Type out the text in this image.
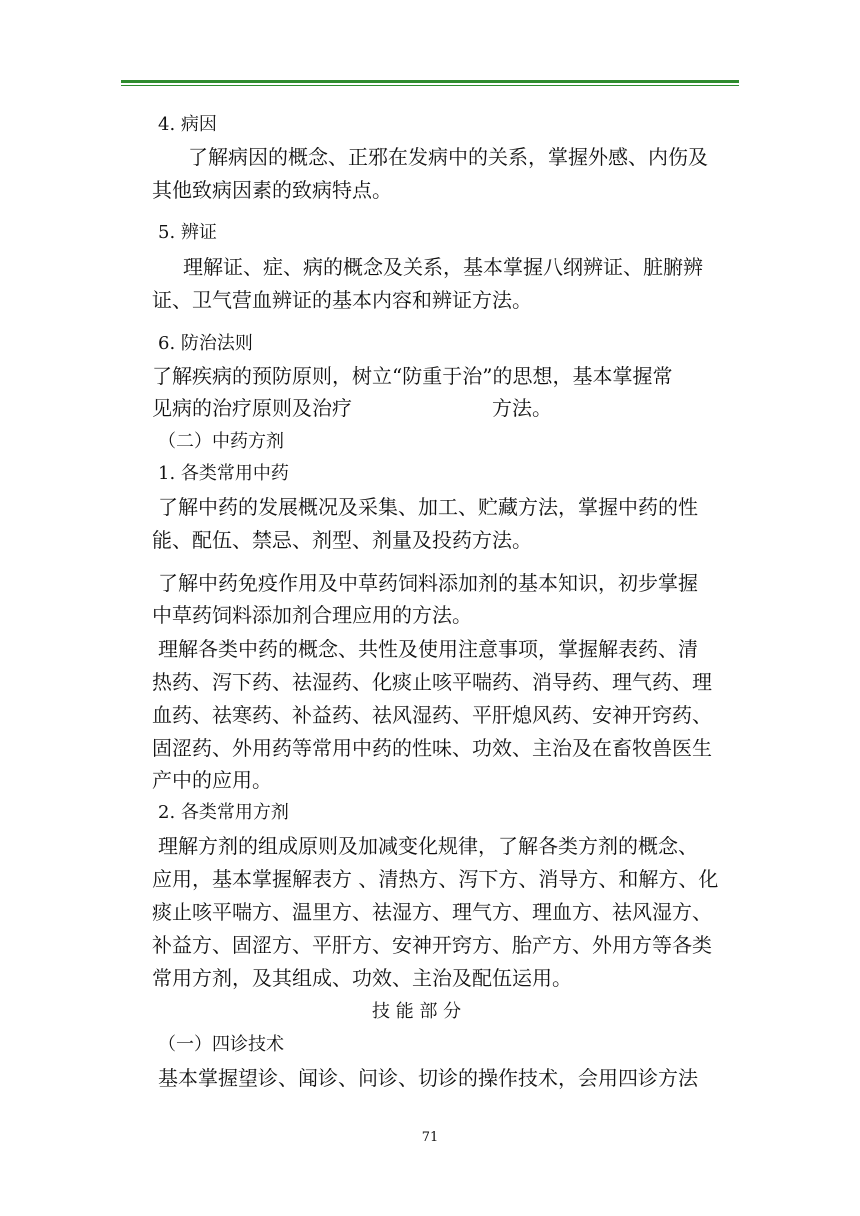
4. 病因
了解病因的概念、正邪在发病中的关系，掌握外感、内伤及
其他致病因素的致病特点。
5. 辨证
理解证、症、病的概念及关系，基本掌握八纲辨证、脏腑辨
证、卫气营血辨证的基本内容和辨证方法。
6. 防治法则
了解疾病的预防原则，树立“防重于治”的思想，基本掌握常
见病的治疗原则及治疗	方法。
（二）中药方剂
1. 各类常用中药
了解中药的发展概况及采集、加工、贮藏方法，掌握中药的性
能、配伍、禁忌、剂型、剂量及投药方法。
了解中药免疫作用及中草药饲料添加剂的基本知识，初步掌握
中草药饲料添加剂合理应用的方法。
理解各类中药的概念、共性及使用注意事项，掌握解表药、清
热药、泻下药、祛湿药、化痰止咳平喘药、消导药、理气药、理
血药、祛寒药、补益药、祛风湿药、平肝熄风药、安神开窍药、
固涩药、外用药等常用中药的性味、功效、主治及在畜牧兽医生
产中的应用。
2. 各类常用方剂
理解方剂的组成原则及加减变化规律，了解各类方剂的概念、
应用，基本掌握解表方 、清热方、泻下方、消导方、和解方、化
痰止咳平喘方、温里方、祛湿方、理气方、理血方、祛风湿方、
补益方、固涩方、平肝方、安神开窍方、胎产方、外用方等各类
常用方剂，及其组成、功效、主治及配伍运用。
技 能 部 分
（一）四诊技术
基本掌握望诊、闻诊、问诊、切诊的操作技术，会用四诊方法
71
